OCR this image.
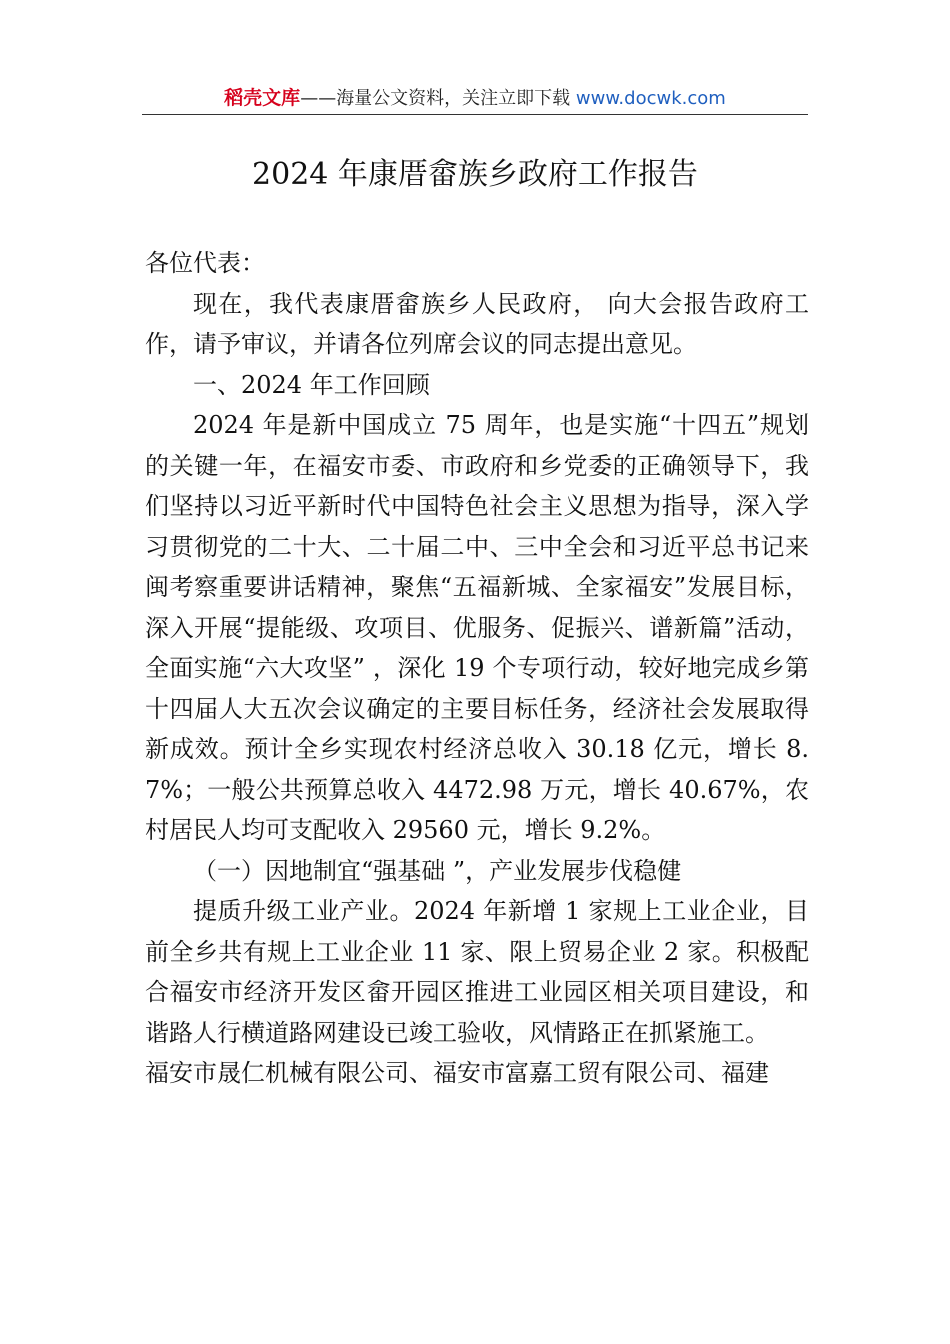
稻壳文库——海量公文资料，关注立即下载 www.docwk.com
2024 年康厝畲族乡政府工作报告

各位代表：

现在，我代表康厝畲族乡人民政府， 向大会报告政府工 作，请予审议，并请各位列席会议的同志提出意见。

一、2024 年工作回顾

2024 年是新中国成立 75 周年，也是实施“十四五”规划的关键一年，在福安市委、市政府和乡党委的正确领导下，我们坚持以习近平新时代中国特色社会主义思想为指导，深入学习贯彻党的二十大、二十届二中、三中全会和习近平总书记来闽考察重要讲话精神，聚焦“五福新城、全家福安”发展目标，深入开展“提能级、攻项目、优服务、促振兴、谱新篇”活动，全面实施“六大攻坚” ，深化 19 个专项行动，较好地完成乡第十四届人大五次会议确定的主要目标任务，经济社会发展取得新成效。预计全乡实现农村经济总收入 30.18 亿元，增长 8.7%；一般公共预算总收入 4472.98 万元，增长 40.67%，农村居民人均可支配收入 29560 元，增长 9.2%。

（一）因地制宜“强基础 ”，产业发展步伐稳健

提质升级工业产业。2024 年新增 1 家规上工业企业，目前全乡共有规上工业企业 11 家、限上贸易企业 2 家。积极配合福安市经济开发区畲开园区推进工业园区相关项目建设，和谐路人行横道路网建设已竣工验收，风情路正在抓紧施工。

福安市晟仁机械有限公司、福安市富嘉工贸有限公司、福建
